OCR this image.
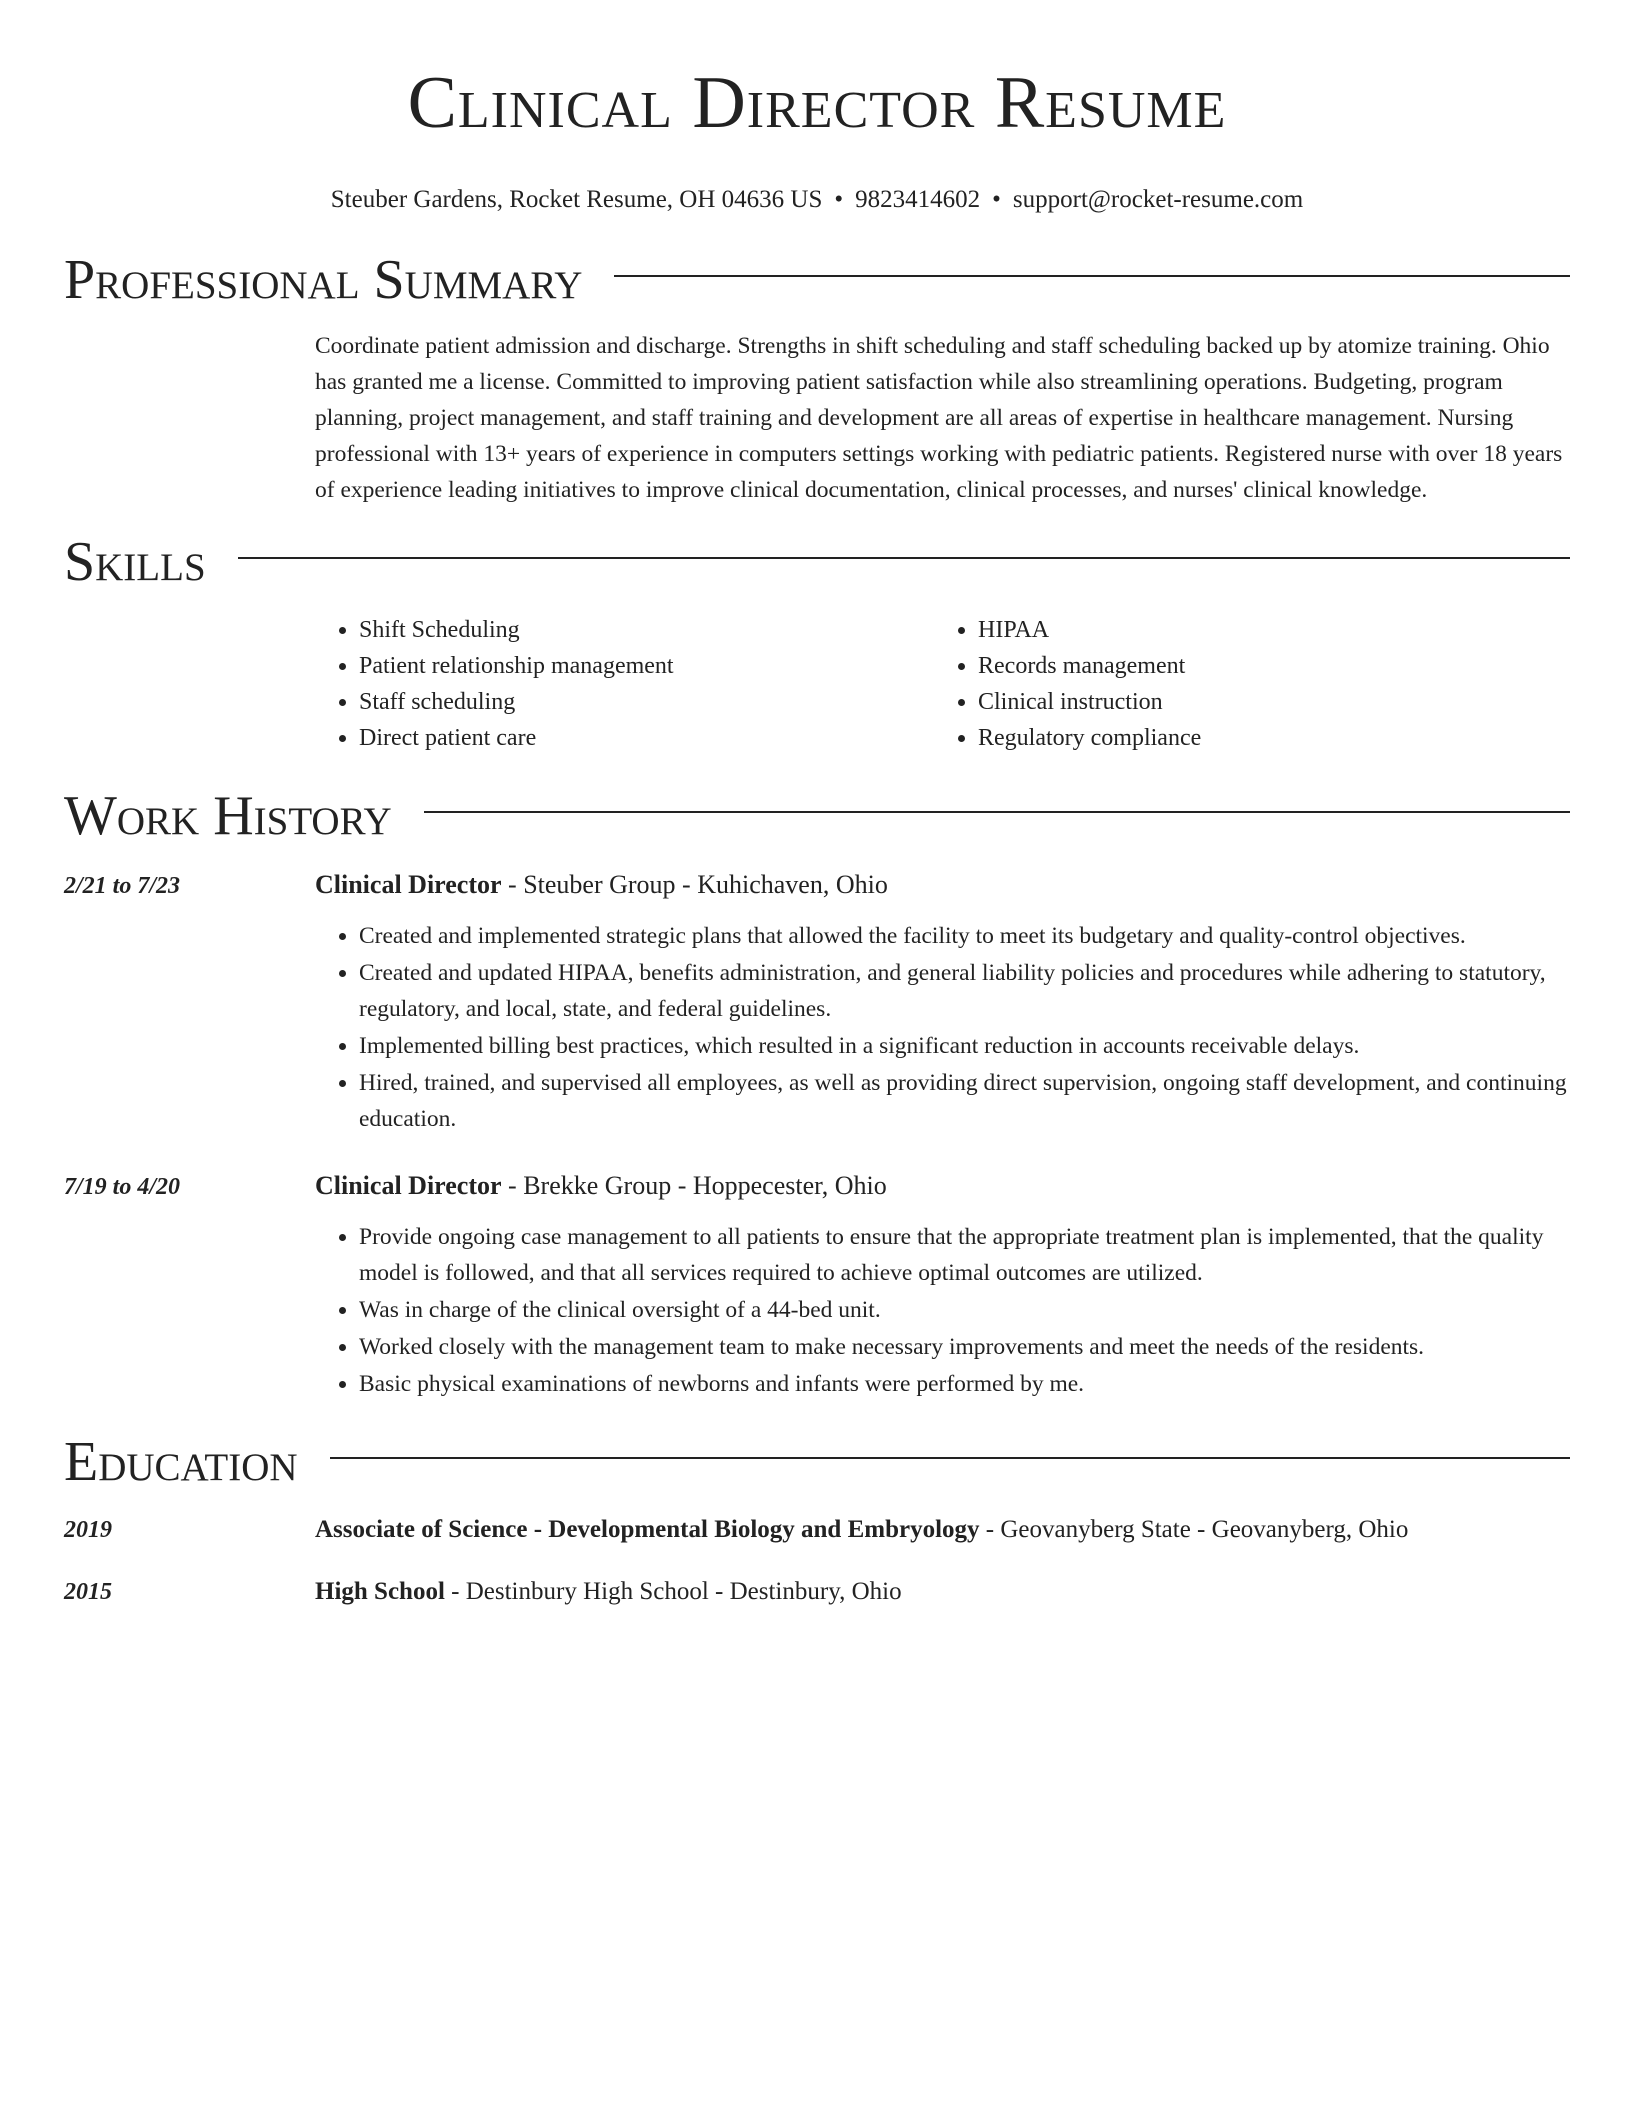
Clinical Director Resume
Steuber Gardens, Rocket Resume, OH 04636 US • 9823414602 • support@rocket-resume.com
Professional Summary

Coordinate patient admission and discharge. Strengths in shift scheduling and staff scheduling backed up by atomize training. Ohio has granted me a license. Committed to improving patient satisfaction while also streamlining operations. Budgeting, program planning, project management, and staff training and development are all areas of expertise in healthcare management. Nursing professional with 13+ years of experience in computers settings working with pediatric patients. Registered nurse with over 18 years of experience leading initiatives to improve clinical documentation, clinical processes, and nurses' clinical knowledge.

Skills
• Shift Scheduling
• Patient relationship management
• Staff scheduling
• Direct patient care
• HIPAA
• Records management
• Clinical instruction
• Regulatory compliance
Work History
2/21 to 7/23	Clinical Director - Steuber Group - Kuhichaven, Ohio
• Created and implemented strategic plans that allowed the facility to meet its budgetary and quality-control objectives.
• Created and updated HIPAA, benefits administration, and general liability policies and procedures while adhering to statutory, regulatory, and local, state, and federal guidelines.
• Implemented billing best practices, which resulted in a significant reduction in accounts receivable delays.
• Hired, trained, and supervised all employees, as well as providing direct supervision, ongoing staff development, and continuing education.
7/19 to 4/20	Clinical Director - Brekke Group - Hoppecester, Ohio
• Provide ongoing case management to all patients to ensure that the appropriate treatment plan is implemented, that the quality model is followed, and that all services required to achieve optimal outcomes are utilized.
• Was in charge of the clinical oversight of a 44-bed unit.
• Worked closely with the management team to make necessary improvements and meet the needs of the residents.
• Basic physical examinations of newborns and infants were performed by me.
Education
2019	Associate of Science - Developmental Biology and Embryology - Geovanyberg State - Geovanyberg, Ohio
2015	High School - Destinbury High School - Destinbury, Ohio
